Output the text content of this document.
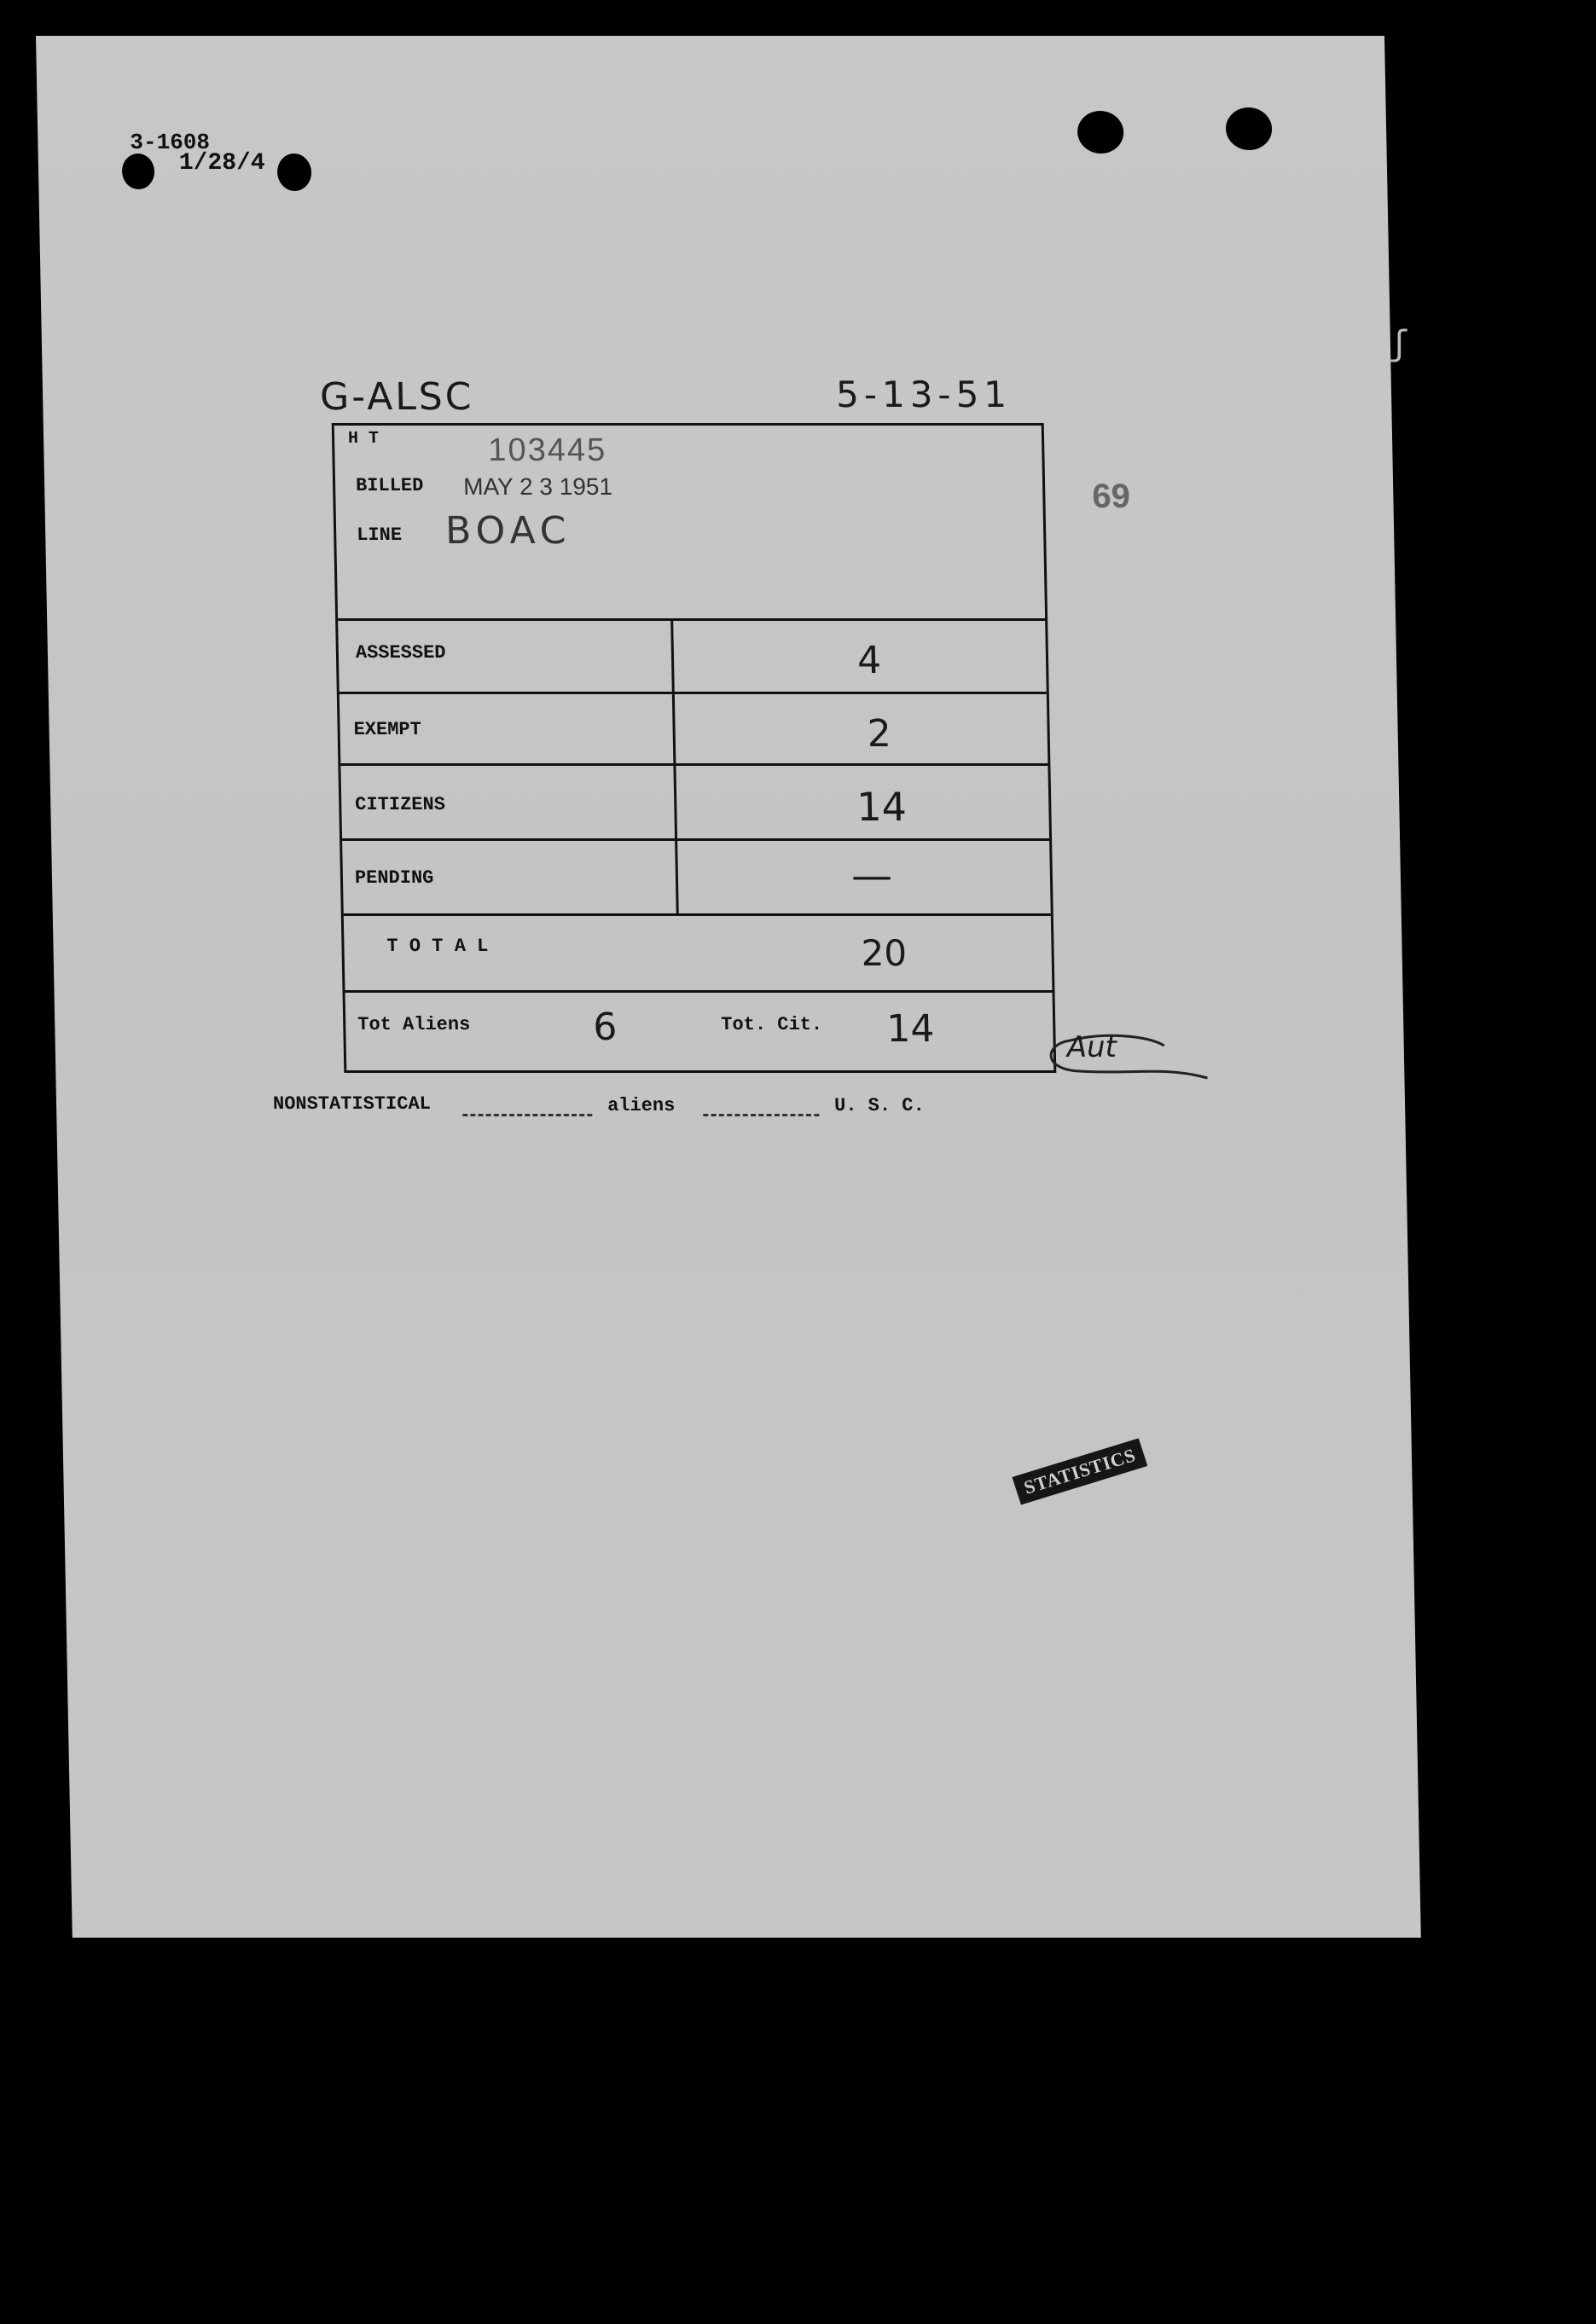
3-1608
1/28/4
G-ALSC	5-13-51
69
H T	103445
BILLED MAY 2 3 1951
LINE BOAC
ASSESSED	4
EXEMPT	2
CITIZENS	14
PENDING	—
T O T A L	20
Tot Aliens	6	Tot. Cit. 14	Aut
NONSTATISTICAL	aliens	U. S. C.
STATISTICS
ʃ
